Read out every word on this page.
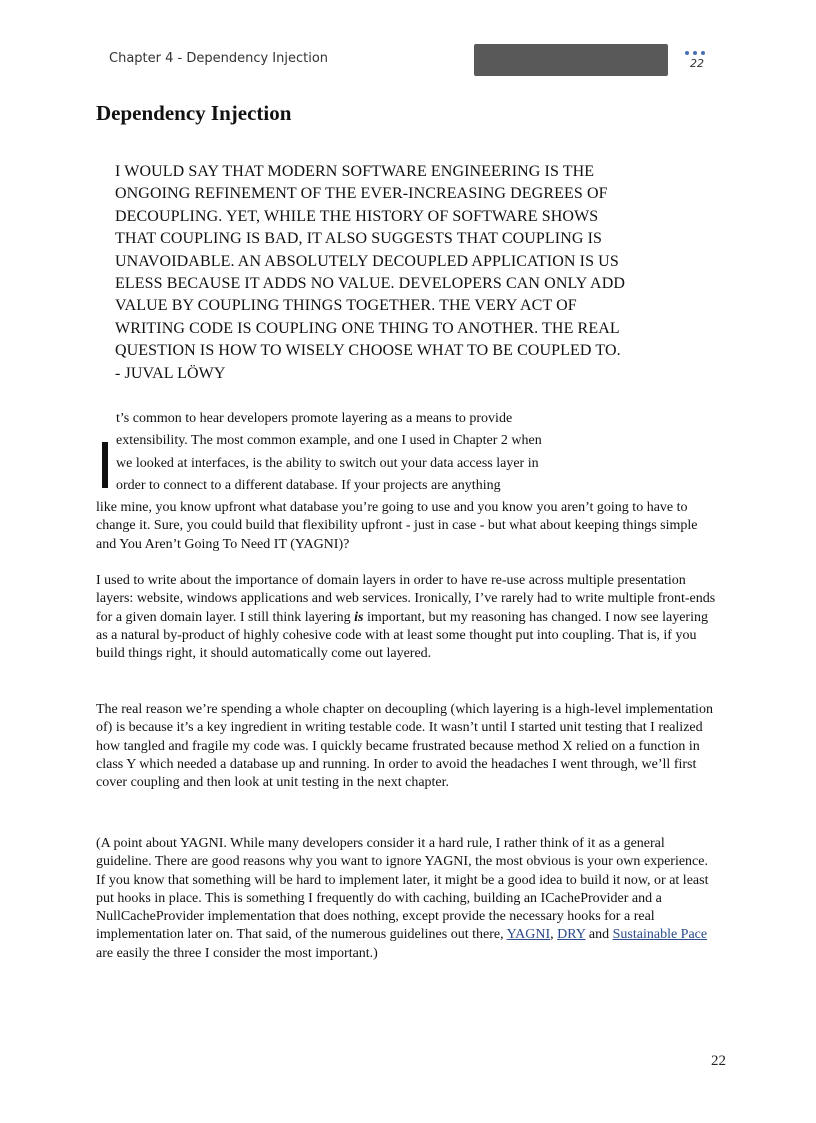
Chapter 4 - Dependency Injection	22
Dependency Injection

I WOULD SAY THAT MODERN SOFTWARE ENGINEERING IS THE

ONGOING REFINEMENT OF THE EVER-INCREASING DEGREES OF

DECOUPLING. YET, WHILE THE HISTORY OF SOFTWARE SHOWS

THAT COUPLING IS BAD, IT ALSO SUGGESTS THAT COUPLING IS

UNAVOIDABLE. AN ABSOLUTELY DECOUPLED APPLICATION IS US

ELESS BECAUSE IT ADDS NO VALUE. DEVELOPERS CAN ONLY ADD

VALUE BY COUPLING THINGS TOGETHER. THE VERY ACT OF

WRITING CODE IS COUPLING ONE THING TO ANOTHER. THE REAL

QUESTION IS HOW TO WISELY CHOOSE WHAT TO BE COUPLED TO.

- JUVAL LÖWY

t’s common to hear developers promote layering as a means to provide
extensibility. The most common example, and one I used in Chapter 2 when
we looked at interfaces, is the ability to switch out your data access layer in
order to connect to a different database. If your projects are anything

like mine, you know upfront what database you’re going to use and you know you aren’t going to have to change it. Sure, you could build that flexibility upfront - just in case - but what about keeping things simple and You Aren’t Going To Need IT (YAGNI)?

I used to write about the importance of domain layers in order to have re-use across multiple presentation layers: website, windows applications and web services. Ironically, I’ve rarely had to write multiple front-ends for a given domain layer. I still think layering is important, but my reasoning has changed. I now see layering as a natural by-product of highly cohesive code with at least some thought put into coupling. That is, if you build things right, it should automatically come out layered.

The real reason we’re spending a whole chapter on decoupling (which layering is a high-level implementation of) is because it’s a key ingredient in writing testable code. It wasn’t until I started unit testing that I realized how tangled and fragile my code was. I quickly became frustrated because method X relied on a function in class Y which needed a database up and running. In order to avoid the headaches I went through, we’ll first cover coupling and then look at unit testing in the next chapter.

(A point about YAGNI. While many developers consider it a hard rule, I rather think of it as a general guideline. There are good reasons why you want to ignore YAGNI, the most obvious is your own experience. If you know that something will be hard to implement later, it might be a good idea to build it now, or at least put hooks in place. This is something I frequently do with caching, building an ICacheProvider and a NullCacheProvider implementation that does nothing, except provide the necessary hooks for a real implementation later on. That said, of the numerous guidelines out there, YAGNI, DRY and Sustainable Pace are easily the three I consider the most important.)

22
